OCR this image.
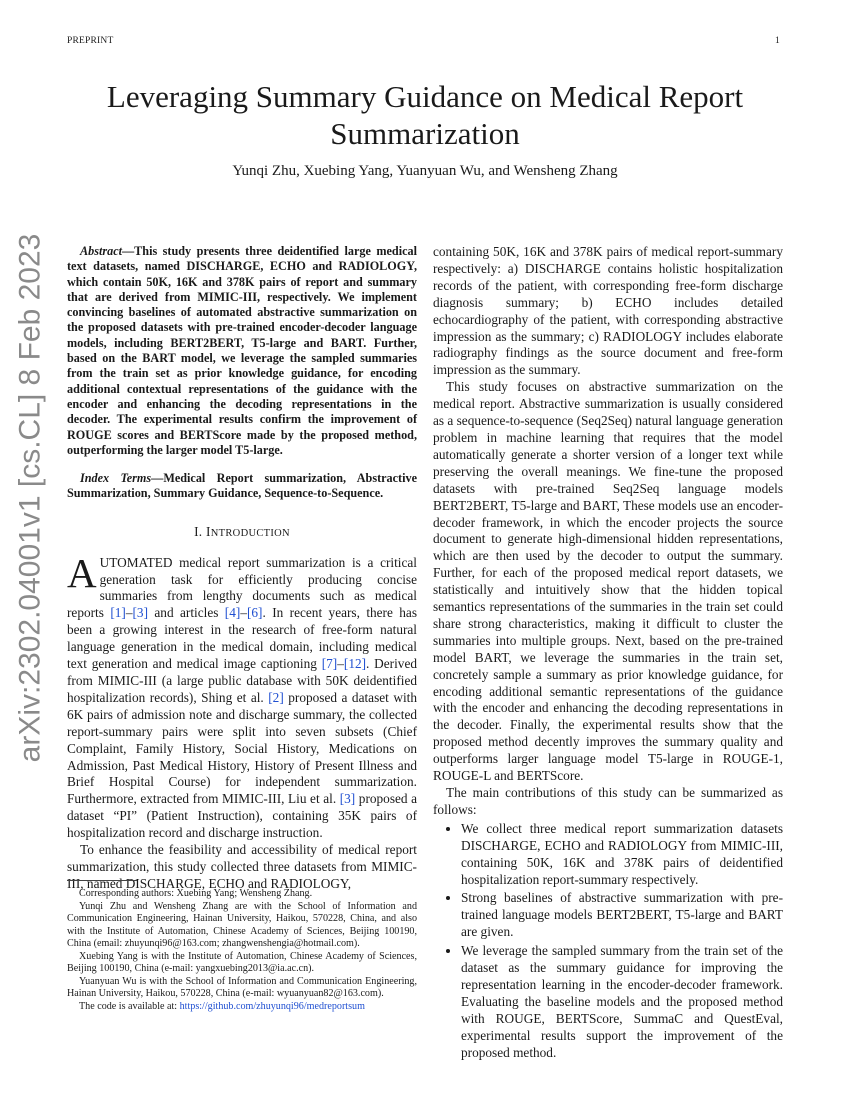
PREPRINT	1
Leveraging Summary Guidance on Medical Report Summarization
Yunqi Zhu, Xuebing Yang, Yuanyuan Wu, and Wensheng Zhang
arXiv:2302.04001v1 [cs.CL] 8 Feb 2023	Abstract—This study presents three deidentified large medical text datasets, named DISCHARGE, ECHO and RADIOLOGY, which contain 50K, 16K and 378K pairs of report and summary that are derived from MIMIC-III, respectively. We implement convincing baselines of automated abstractive summarization on the proposed datasets with pre-trained encoder-decoder language models, including BERT2BERT, T5-large and BART. Further, based on the BART model, we leverage the sampled summaries from the train set as prior knowledge guidance, for encoding additional contextual representations of the guidance with the encoder and enhancing the decoding representations in the decoder. The experimental results confirm the improvement of ROUGE scores and BERTScore made by the proposed method, outperforming the larger model T5-large.

Index Terms—Medical Report summarization, Abstractive Summarization, Summary Guidance, Sequence-to-Sequence.

I. INTRODUCTION

AUTOMATED medical report summarization is a critical generation task for efficiently producing concise summaries from lengthy documents such as medical reports [1]–[3] and articles [4]–[6]. In recent years, there has been a growing interest in the research of free-form natural language generation in the medical domain, including medical text generation and medical image captioning [7]–[12]. Derived from MIMIC-III (a large public database with 50K deidentified hospitalization records), Shing et al. [2] proposed a dataset with 6K pairs of admission note and discharge summary, the collected report-summary pairs were split into seven subsets (Chief Complaint, Family History, Social History, Medications on Admission, Past Medical History, History of Present Illness and Brief Hospital Course) for independent summarization. Furthermore, extracted from MIMIC-III, Liu et al. [3] proposed a dataset “PI” (Patient Instruction), containing 35K pairs of hospitalization record and discharge instruction.

To enhance the feasibility and accessibility of medical report summarization, this study collected three datasets from MIMIC-III, named DISCHARGE, ECHO and RADIOLOGY,

Corresponding authors: Xuebing Yang; Wensheng Zhang.

Yunqi Zhu and Wensheng Zhang are with the School of Information and Communication Engineering, Hainan University, Haikou, 570228, China, and also with the Institute of Automation, Chinese Academy of Sciences, Beijing 100190, China (email: zhuyunqi96@163.com; zhangwenshengia@hotmail.com).

Xuebing Yang is with the Institute of Automation, Chinese Academy of Sciences, Beijing 100190, China (e-mail: yangxuebing2013@ia.ac.cn).

Yuanyuan Wu is with the School of Information and Communication Engineering, Hainan University, Haikou, 570228, China (e-mail: wyuanyuan82@163.com).

The code is available at: https://github.com/zhuyunqi96/medreportsum

containing 50K, 16K and 378K pairs of medical report-summary respectively: a) DISCHARGE contains holistic hospitalization records of the patient, with corresponding free-form discharge diagnosis summary; b) ECHO includes detailed echocardiography of the patient, with corresponding abstractive impression as the summary; c) RADIOLOGY includes elaborate radiography findings as the source document and free-form impression as the summary.

This study focuses on abstractive summarization on the medical report. Abstractive summarization is usually considered as a sequence-to-sequence (Seq2Seq) natural language generation problem in machine learning that requires that the model automatically generate a shorter version of a longer text while preserving the overall meanings. We fine-tune the proposed datasets with pre-trained Seq2Seq language models BERT2BERT, T5-large and BART, These models use an encoder-decoder framework, in which the encoder projects the source document to generate high-dimensional hidden representations, which are then used by the decoder to output the summary. Further, for each of the proposed medical report datasets, we statistically and intuitively show that the hidden topical semantics representations of the summaries in the train set could share strong characteristics, making it difficult to cluster the summaries into multiple groups. Next, based on the pre-trained model BART, we leverage the summaries in the train set, concretely sample a summary as prior knowledge guidance, for encoding additional semantic representations of the guidance with the encoder and enhancing the decoding representations in the decoder. Finally, the experimental results show that the proposed method decently improves the summary quality and outperforms larger language model T5-large in ROUGE-1, ROUGE-L and BERTScore.

The main contributions of this study can be summarized as follows:

• We collect three medical report summarization datasets DISCHARGE, ECHO and RADIOLOGY from MIMIC-III, containing 50K, 16K and 378K pairs of deidentified hospitalization report-summary respectively.
• Strong baselines of abstractive summarization with pre-trained language models BERT2BERT, T5-large and BART are given.
• We leverage the sampled summary from the train set of the dataset as the summary guidance for improving the representation learning in the encoder-decoder framework. Evaluating the baseline models and the proposed method with ROUGE, BERTScore, SummaC and QuestEval, experimental results support the improvement of the proposed method.
